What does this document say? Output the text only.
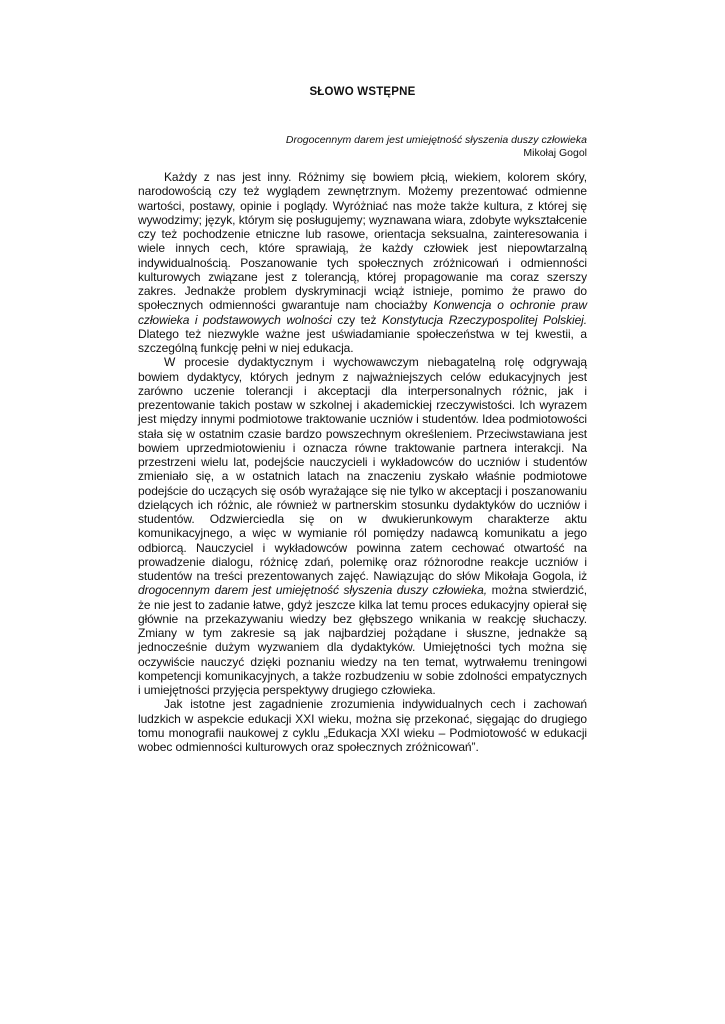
SŁOWO WSTĘPNE
Drogocennym darem jest umiejętność słyszenia duszy człowieka
Mikołaj Gogol

Każdy z nas jest inny. Różnimy się bowiem płcią, wiekiem, kolorem skóry, narodowością czy też wyglądem zewnętrznym. Możemy prezentować odmienne wartości, postawy, opinie i poglądy. Wyróżniać nas może także kultura, z której się wywodzimy; język, którym się posługujemy; wyznawana wiara, zdobyte wykształcenie czy też pochodzenie etniczne lub rasowe, orientacja seksualna, zainteresowania i wiele innych cech, które sprawiają, że każdy człowiek jest niepowtarzalną indywidualnością. Poszanowanie tych społecznych zróżnicowań i odmienności kulturowych związane jest z tolerancją, której propagowanie ma coraz szerszy zakres. Jednakże problem dyskryminacji wciąż istnieje, pomimo że prawo do społecznych odmienności gwarantuje nam chociażby Konwencja o ochronie praw człowieka i podstawowych wolności czy też Konstytucja Rzeczypospolitej Polskiej. Dlatego też niezwykle ważne jest uświadamianie społeczeństwa w tej kwestii, a szczególną funkcję pełni w niej edukacja.

W procesie dydaktycznym i wychowawczym niebagatelną rolę odgrywają bowiem dydaktycy, których jednym z najważniejszych celów edukacyjnych jest zarówno uczenie tolerancji i akceptacji dla interpersonalnych różnic, jak i prezentowanie takich postaw w szkolnej i akademickiej rzeczywistości. Ich wyrazem jest między innymi podmiotowe traktowanie uczniów i studentów. Idea podmiotowości stała się w ostatnim czasie bardzo powszechnym określeniem. Przeciwstawiana jest bowiem uprzedmiotowieniu i oznacza równe traktowanie partnera interakcji. Na przestrzeni wielu lat, podejście nauczycieli i wykładowców do uczniów i studentów zmieniało się, a w ostatnich latach na znaczeniu zyskało właśnie podmiotowe podejście do uczących się osób wyrażające się nie tylko w akceptacji i poszanowaniu dzielących ich różnic, ale również w partnerskim stosunku dydaktyków do uczniów i studentów. Odzwierciedla się on w dwukierunkowym charakterze aktu komunikacyjnego, a więc w wymianie ról pomiędzy nadawcą komunikatu a jego odbiorcą. Nauczyciel i wykładowców powinna zatem cechować otwartość na prowadzenie dialogu, różnicę zdań, polemikę oraz różnorodne reakcje uczniów i studentów na treści prezentowanych zajęć. Nawiązując do słów Mikołaja Gogola, iż drogocennym darem jest umiejętność słyszenia duszy człowieka, można stwierdzić, że nie jest to zadanie łatwe, gdyż jeszcze kilka lat temu proces edukacyjny opierał się głównie na przekazywaniu wiedzy bez głębszego wnikania w reakcję słuchaczy. Zmiany w tym zakresie są jak najbardziej pożądane i słuszne, jednakże są jednocześnie dużym wyzwaniem dla dydaktyków. Umiejętności tych można się oczywiście nauczyć dzięki poznaniu wiedzy na ten temat, wytrwałemu treningowi kompetencji komunikacyjnych, a także rozbudzeniu w sobie zdolności empatycznych i umiejętności przyjęcia perspektywy drugiego człowieka.

Jak istotne jest zagadnienie zrozumienia indywidualnych cech i zachowań ludzkich w aspekcie edukacji XXI wieku, można się przekonać, sięgając do drugiego tomu monografii naukowej z cyklu „Edukacja XXI wieku – Podmiotowość w edukacji wobec odmienności kulturowych oraz społecznych zróżnicowań”.
